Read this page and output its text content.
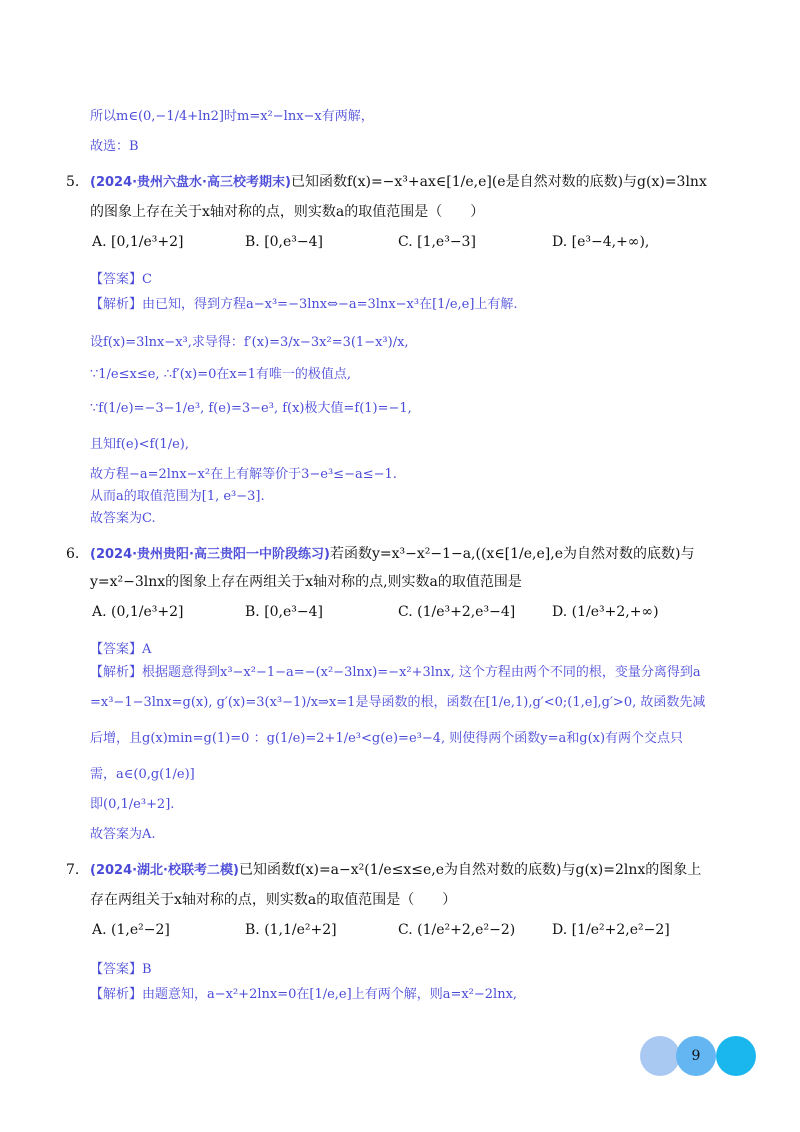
所以m∈(0,−1/4+ln2]时m=x²−lnx−x有两解，
故选：B
5. (2024·贵州六盘水·高三校考期末)已知函数f(x)=−x³+ax∈[1/e,e](e是自然对数的底数)与g(x)=3lnx
的图象上存在关于x轴对称的点，则实数a的取值范围是（　　）
A. [0,1/e³+2]	B. [0,e³−4]	C. [1,e³−3]	D. [e³−4,+∞),
【答案】C
【解析】由已知，得到方程a−x³=−3lnx⇔−a=3lnx−x³在[1/e,e]上有解.
设f(x)=3lnx−x³,求导得：f′(x)=3/x−3x²=3(1−x³)/x,
∵1/e≤x≤e, ∴f′(x)=0在x=1有唯一的极值点,
∵f(1/e)=−3−1/e³, f(e)=3−e³, f(x)极大值=f(1)=−1,
且知f(e)<f(1/e),
故方程−a=2lnx−x²在上有解等价于3−e³≤−a≤−1.
从而a的取值范围为[1, e³−3].
故答案为C.
6. (2024·贵州贵阳·高三贵阳一中阶段练习)若函数y=x³−x²−1−a,((x∈[1/e,e],e为自然对数的底数)与
y=x²−3lnx的图象上存在两组关于x轴对称的点,则实数a的取值范围是
A. (0,1/e³+2]	B. [0,e³−4]	C. (1/e³+2,e³−4]	D. (1/e³+2,+∞)
【答案】A
【解析】根据题意得到x³−x²−1−a=−(x²−3lnx)=−x²+3lnx, 这个方程由两个不同的根，变量分离得到a
=x³−1−3lnx=g(x), g′(x)=3(x³−1)/x⇒x=1是导函数的根，函数在[1/e,1),g′<0;(1,e],g′>0, 故函数先减
后增，且g(x)min=g(1)=0 ：g(1/e)=2+1/e³<g(e)=e³−4, 则使得两个函数y=a和g(x)有两个交点只
需，a∈(0,g(1/e)]
即(0,1/e³+2].
故答案为A.
7. (2024·湖北·校联考二模)已知函数f(x)=a−x²(1/e≤x≤e,e为自然对数的底数)与g(x)=2lnx的图象上
存在两组关于x轴对称的点，则实数a的取值范围是（　　）
A. (1,e²−2]	B. (1,1/e²+2]	C. (1/e²+2,e²−2)	D. [1/e²+2,e²−2]
【答案】B
【解析】由题意知，a−x²+2lnx=0在[1/e,e]上有两个解，则a=x²−2lnx,
9
